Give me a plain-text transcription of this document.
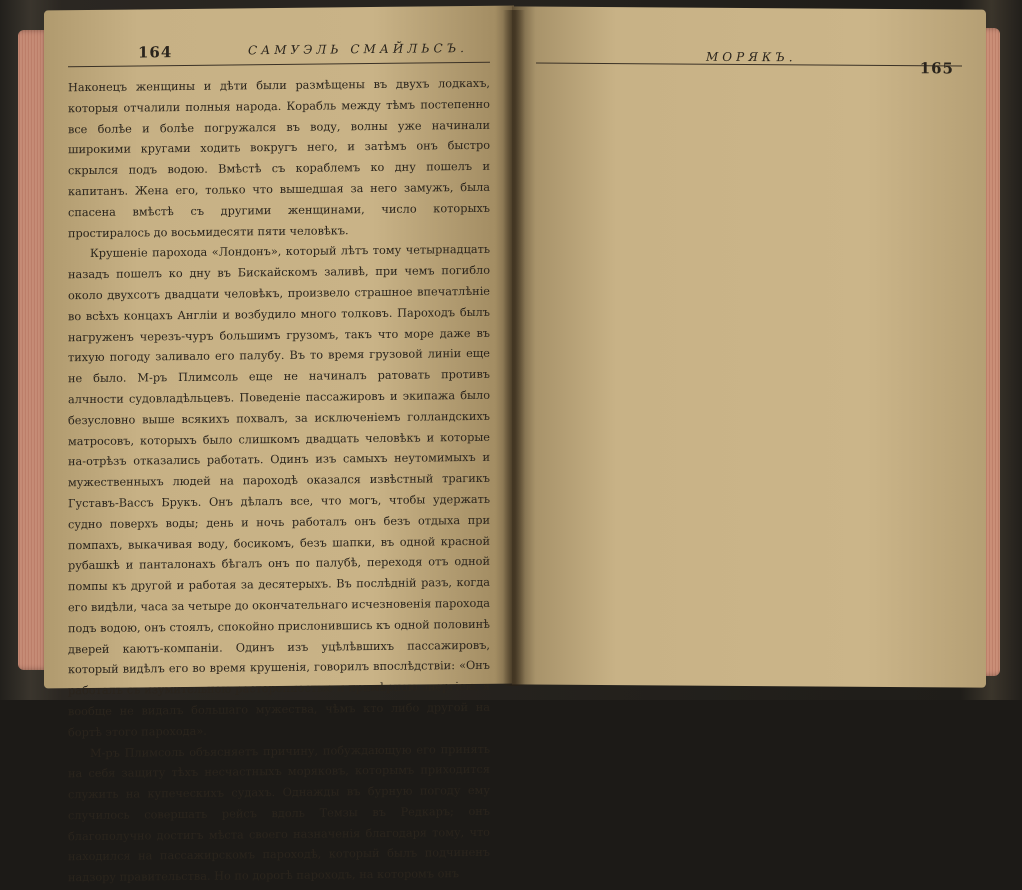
164	САМУЭЛЬ СМАЙЛЬСЪ.

Наконецъ женщины и дѣти были размѣщены въ двухъ лодкахъ, которыя отчалили полныя народа. Корабль между тѣмъ постепенно все болѣе и болѣе погружался въ воду, волны уже начинали широкими кругами ходить вокругъ него, и затѣмъ онъ быстро скрылся подъ водою. Вмѣстѣ съ кораблемъ ко дну пошелъ и капитанъ. Жена его, только что вышедшая за него замужъ, была спасена вмѣстѣ съ другими женщинами, число которыхъ простиралось до восьмидесяти пяти человѣкъ.

Крушеніе парохода «Лондонъ», который лѣтъ тому четырнадцать назадъ пошелъ ко дну въ Бискайскомъ заливѣ, при чемъ погибло около двухсотъ двадцати человѣкъ, произвело страшное впечатлѣніе во всѣхъ концахъ Англіи и возбудило много толковъ. Пароходъ былъ нагруженъ черезъ-чуръ большимъ грузомъ, такъ что море даже въ тихую погоду заливало его палубу. Въ то время грузовой линіи еще не было. М-ръ Плимсоль еще не начиналъ ратовать противъ алчности судовладѣльцевъ. Поведеніе пассажировъ и экипажа было безусловно выше всякихъ похвалъ, за исключеніемъ голландскихъ матросовъ, которыхъ было слишкомъ двадцать человѣкъ и которые на-отрѣзъ отказались работать. Одинъ изъ самыхъ неутомимыхъ и мужественныхъ людей на пароходѣ оказался извѣстный трагикъ Густавъ-Вассъ Брукъ. Онъ дѣлалъ все, что могъ, чтобы удержать судно поверхъ воды; день и ночь работалъ онъ безъ отдыха при помпахъ, выкачивая воду, босикомъ, безъ шапки, въ одной красной рубашкѣ и панталонахъ бѣгалъ онъ по палубѣ, переходя отъ одной помпы къ другой и работая за десятерыхъ. Въ послѣдній разъ, когда его видѣли, часа за четыре до окончательнаго исчезновенія парохода подъ водою, онъ стоялъ, спокойно прислонившись къ одной половинѣ дверей каютъ-компаніи. Одинъ изъ уцѣлѣвшихъ пассажировъ, который видѣлъ его во время крушенія, говорилъ впослѣдствіи: «Онъ работалъ съ изумительною расторопностью и примѣрною энергіею, я вообще не видалъ большаго мужества, чѣмъ кто либо другой на бортѣ этого парохода».

М-ръ Плимсоль объясняетъ причину, побуждающую его принять на себя защиту тѣхъ несчастныхъ моряковъ, которымъ приходится служить на купеческихъ судахъ. Однажды въ бурную погоду ему случилось совершать рейсъ вдоль Темзы въ Редкаръ; онъ благополучно достигъ мѣста своего назначенія благодаря тому, что находился на пассажирскомъ пароходѣ, который былъ подчиненъ надзору правительства. Но по дорогѣ пароходъ, на которомъ онъ

МОРЯКЪ.
165
